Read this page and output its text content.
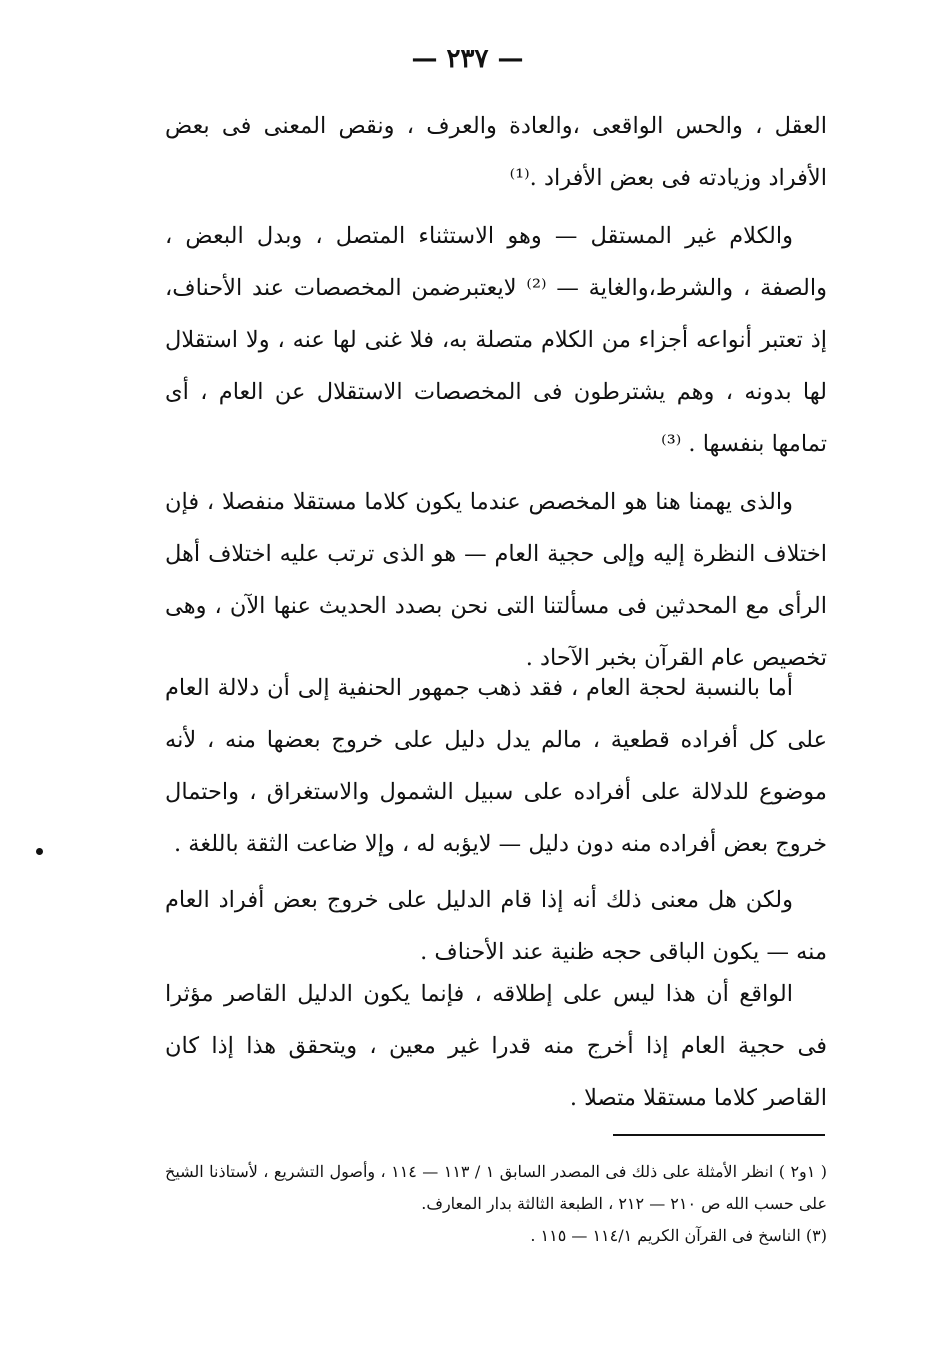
— ٢٣٧ —

العقل ، والحس الواقعى ،والعادة والعرف ، ونقص المعنى فى بعض الأفراد وزيادته فى بعض الأفراد .⁽¹⁾

والكلام غير المستقل — وهو الاستثناء المتصل ، وبدل البعض ، والصفة ، والشرط،والغاية — ⁽²⁾ لايعتبرضمن المخصصات عند الأحناف، إذ تعتبر أنواعه أجزاء من الكلام متصلة به، فلا غنى لها عنه ، ولا استقلال لها بدونه ، وهم يشترطون فى المخصصات الاستقلال عن العام ، أى تمامها بنفسها . ⁽³⁾

والذى يهمنا هنا هو المخصص عندما يكون كلاما مستقلا منفصلا ، فإن اختلاف النظرة إليه وإلى حجية العام — هو الذى ترتب عليه اختلاف أهل الرأى مع المحدثين فى مسألتنا التى نحن بصدد الحديث عنها الآن ، وهى تخصيص عام القرآن بخبر الآحاد .

أما بالنسبة لحجة العام ، فقد ذهب جمهور الحنفية إلى أن دلالة العام على كل أفراده قطعية ، مالم يدل دليل على خروج بعضها منه ، لأنه موضوع للدلالة على أفراده على سبيل الشمول والاستغراق ، واحتمال خروج بعض أفراده منه دون دليل — لايؤبه له ، وإلا ضاعت الثقة باللغة .

ولكن هل معنى ذلك أنه إذا قام الدليل على خروج بعض أفراد العام منه — يكون الباقى حجه ظنية عند الأحناف .

الواقع أن هذا ليس على إطلاقه ، فإنما يكون الدليل القاصر مؤثرا فى حجية العام إذا أخرج منه قدرا غير معين ، ويتحقق هذا إذا كان القاصر كلاما مستقلا متصلا .

( ١و٢ ) انظر الأمثلة على ذلك فى المصدر السابق ١ / ١١٣ — ١١٤ ، وأصول التشريع ، لأستاذنا الشيخ على حسب الله ص ٢١٠ — ٢١٢ ، الطبعة الثالثة بدار المعارف.

(٣) الناسخ فى القرآن الكريم ١١٤/١ — ١١٥ .
